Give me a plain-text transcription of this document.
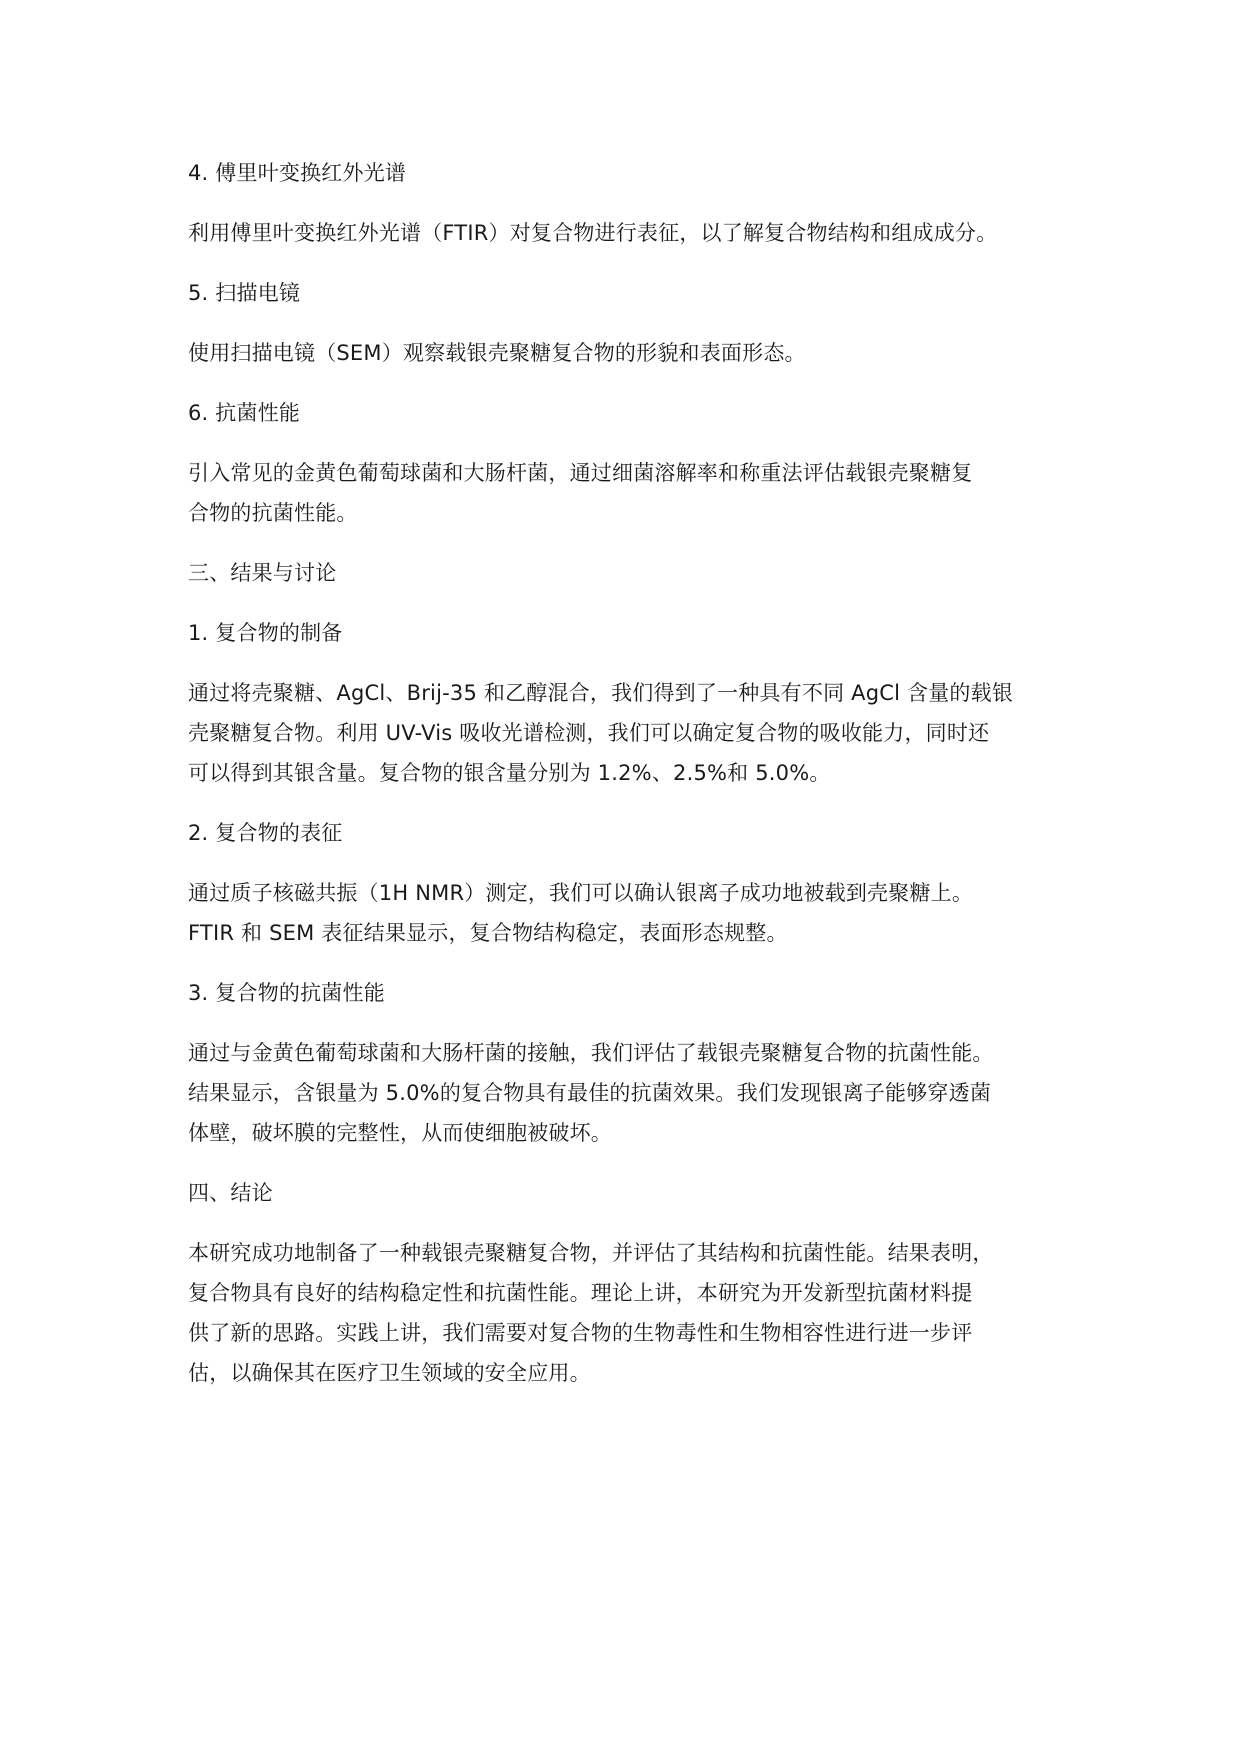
4. 傅里叶变换红外光谱
利用傅里叶变换红外光谱（FTIR）对复合物进行表征，以了解复合物结构和组成成分。
5. 扫描电镜
使用扫描电镜（SEM）观察载银壳聚糖复合物的形貌和表面形态。
6. 抗菌性能
引入常见的金黄色葡萄球菌和大肠杆菌，通过细菌溶解率和称重法评估载银壳聚糖复
合物的抗菌性能。
三、结果与讨论
1. 复合物的制备
通过将壳聚糖、AgCl、Brij-35 和乙醇混合，我们得到了一种具有不同 AgCl 含量的载银
壳聚糖复合物。利用 UV-Vis 吸收光谱检测，我们可以确定复合物的吸收能力，同时还
可以得到其银含量。复合物的银含量分别为 1.2%、2.5%和 5.0%。
2. 复合物的表征
通过质子核磁共振（1H NMR）测定，我们可以确认银离子成功地被载到壳聚糖上。
FTIR 和 SEM 表征结果显示，复合物结构稳定，表面形态规整。
3. 复合物的抗菌性能
通过与金黄色葡萄球菌和大肠杆菌的接触，我们评估了载银壳聚糖复合物的抗菌性能。
结果显示，含银量为 5.0%的复合物具有最佳的抗菌效果。我们发现银离子能够穿透菌
体壁，破坏膜的完整性，从而使细胞被破坏。
四、结论
本研究成功地制备了一种载银壳聚糖复合物，并评估了其结构和抗菌性能。结果表明，
复合物具有良好的结构稳定性和抗菌性能。理论上讲，本研究为开发新型抗菌材料提
供了新的思路。实践上讲，我们需要对复合物的生物毒性和生物相容性进行进一步评
估，以确保其在医疗卫生领域的安全应用。
